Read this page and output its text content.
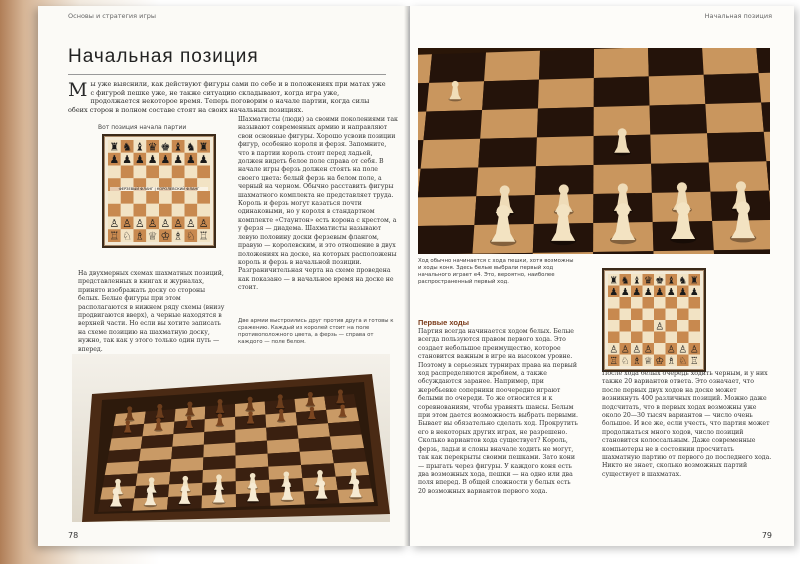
Основы и стратегия игры
Начальная позиция

Мы уже выяснили, как действуют фигуры сами по себе и в положениях при матах уже с фигурой пешке уже, не также ситуацию складывают, когда игра уже, продолжается некоторое время. Теперь поговорим о начале партии, когда силы обеих сторон в полном составе стоят на своих начальных позициях.

Вот позиция начала партии

ФЕРЗЕВЫЙ ФЛАНГ | КОРОЛЕВСКИЙ ФЛАНГ

Шахматисты (люди) за своими поколениями так называют современных армию и направляют свои основные фигуры. Хорошо усвоив позиции фигур, особенно короля и ферзя. Запомните, что в партии король стоит перед ладьей, должен видеть белое поле справа от себя. В начале игры ферзь должен стоять на поле своего цвета: белый ферзь на белом поле, а черный на черном. Обычно расставить фигуры шахматного комплекта не представляет труда. Король и ферзь могут казаться почти одинаковыми, но у короля в стандартном комплекте «Стаунтон» есть корона с крестом, а у ферзя — диадема. Шахматисты называют левую половину доски ферзевым флангом, правую — королевским, и это отношение в двух положениях на доске, на которых расположены король и ферзь в начальной позиции. Разграничительная черта на схеме проведена как показано — в начальное время на доске не стоит.

На двухмерных схемах шахматных позиций, представленных в книгах и журналах, принято изображать доску со стороны белых. Белые фигуры при этом располагаются в нижнем ряду схемы (внизу продвигаются вверх), а черные находятся в верхней части. Но если вы хотите записать на схеме позицию на шахматную доску, нужно, так как у этого только один путь — вперед.

Две армии выстроились друг против друга и готовы к сражению. Каждый из королей стоит на поле противоположного цвета, а ферзь — справа от каждого — поле белом.

78
Начальная позиция

Ход обычно начинается с хода пешки, хотя возможны и ходы коня. Здесь белые выбрали первый ход начального играет е4. Это, вероятно, наиболее распространенный первый ход.

Первые ходы

Партия всегда начинается ходом белых. Белые всегда пользуются правом первого хода. Это создает небольшое преимущество, которое становится важным в игре на высоком уровне. Поэтому в серьезных турнирах права на первый ход распределяются жребием, а также обсуждаются заранее. Например, при жеребьевке соперники поочередно играют белыми по очереди. То же относится и к соревнованиям, чтобы уравнять шансы. Белым при этом дается возможность выбрать первыми. Бывает вы обязательно сделать ход. Прокрутить его в некоторых других играх, не разрешено. Сколько вариантов хода существует? Король, ферзь, ладьи и слоны вначале ходить не могут, так как перекрыты своими пешками. Зато кони — прыгать через фигуры. У каждого коня есть два возможных хода, пешки — на одно или два поля вперед. В общей сложности у белых есть 20 возможных вариантов первого хода.

После хода белых очередь ходить черным, и у них также 20 вариантов ответа. Это означает, что после первых двух ходов на доске может возникнуть 400 различных позиций. Можно даже подсчитать, что в первых ходах возможны уже около 20—30 тысяч вариантов — число очень большое. И все же, если учесть, что партия может продолжаться много ходов, число позиций становится колоссальным. Даже современные компьютеры не в состоянии просчитать шахматную партию от первого до последнего хода. Никто не знает, сколько возможных партий существует в шахматах.

79
